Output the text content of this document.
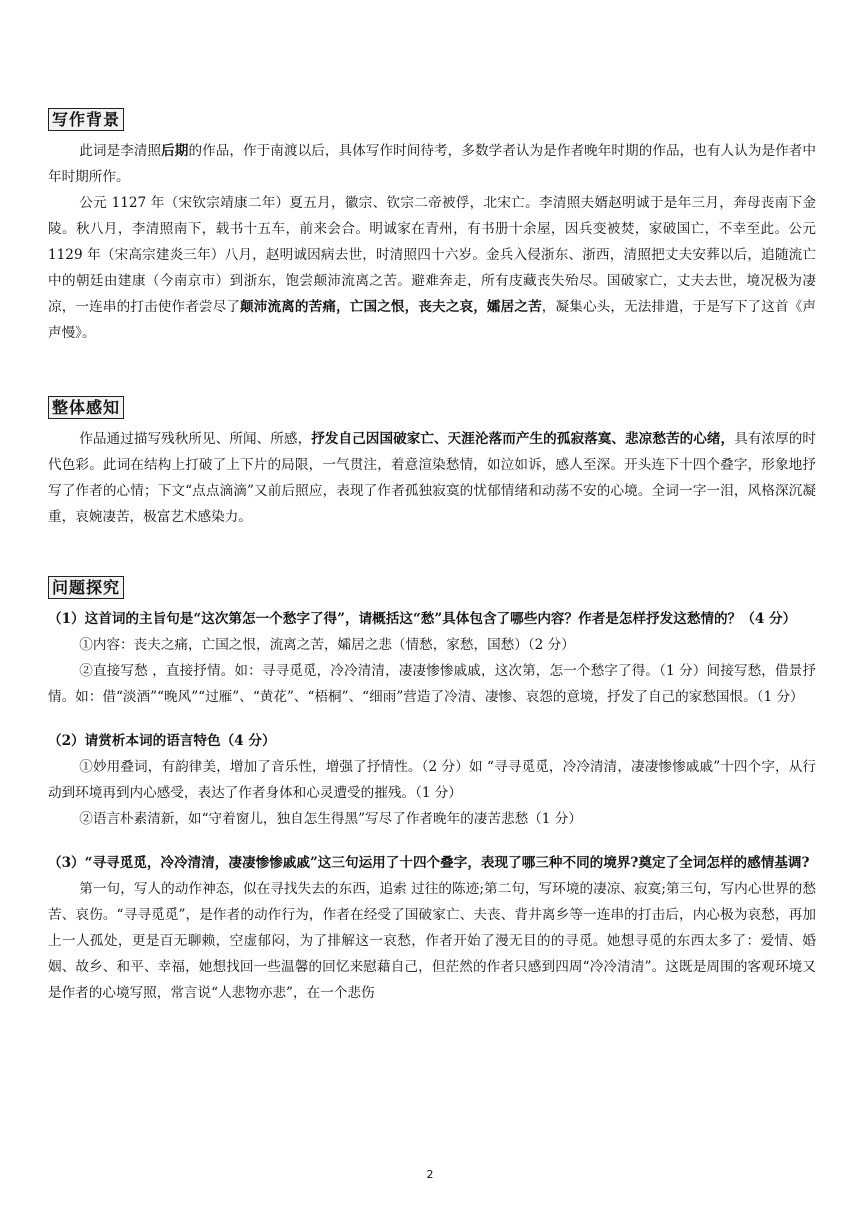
写作背景

此词是李清照后期的作品，作于南渡以后，具体写作时间待考，多数学者认为是作者晚年时期的作品，也有人认为是作者中年时期所作。

公元 1127 年（宋钦宗靖康二年）夏五月，徽宗、钦宗二帝被俘，北宋亡。李清照夫婿赵明诚于是年三月，奔母丧南下金陵。秋八月，李清照南下，载书十五车，前来会合。明诚家在青州，有书册十余屋，因兵变被焚，家破国亡，不幸至此。公元 1129 年（宋高宗建炎三年）八月，赵明诚因病去世，时清照四十六岁。金兵入侵浙东、浙西，清照把丈夫安葬以后，追随流亡中的朝廷由建康（今南京市）到浙东，饱尝颠沛流离之苦。避难奔走，所有庋藏丧失殆尽。国破家亡，丈夫去世，境况极为凄凉，一连串的打击使作者尝尽了颠沛流离的苦痛，亡国之恨，丧夫之哀，孀居之苦，凝集心头，无法排遣，于是写下了这首《声声慢》。

整体感知

作品通过描写残秋所见、所闻、所感，抒发自己因国破家亡、天涯沦落而产生的孤寂落寞、悲凉愁苦的心绪，具有浓厚的时代色彩。此词在结构上打破了上下片的局限，一气贯注，着意渲染愁情，如泣如诉，感人至深。开头连下十四个叠字，形象地抒写了作者的心情；下文“点点滴滴”又前后照应，表现了作者孤独寂寞的忧郁情绪和动荡不安的心境。全词一字一泪，风格深沉凝重，哀婉凄苦，极富艺术感染力。

问题探究

（1）这首词的主旨句是“这次第怎一个愁字了得”，请概括这“愁”具体包含了哪些内容？作者是怎样抒发这愁情的？（4 分）

①内容：丧夫之痛，亡国之恨，流离之苦，孀居之悲（情愁，家愁，国愁）（2 分）

②直接写愁 ，直接抒情。如：寻寻觅觅，冷冷清清，凄凄惨惨戚戚，这次第，怎一个愁字了得。（1 分）间接写愁，借景抒情。如：借“淡酒”“晚风”“过雁”、“黄花”、“梧桐”、“细雨”营造了冷清、凄惨、哀怨的意境，抒发了自己的家愁国恨。（1 分）

（2）请赏析本词的语言特色（4 分）

①妙用叠词，有韵律美，增加了音乐性，增强了抒情性。（2 分）如 “寻寻觅觅，冷冷清清，凄凄惨惨戚戚”十四个字，从行动到环境再到内心感受，表达了作者身体和心灵遭受的摧残。（1 分）

②语言朴素清新，如“守着窗儿，独自怎生得黑”写尽了作者晚年的凄苦悲愁（1 分）

（3）“寻寻觅觅，冷冷清清，凄凄惨惨戚戚”这三句运用了十四个叠字，表现了哪三种不同的境界?奠定了全词怎样的感情基调?

第一句，写人的动作神态，似在寻找失去的东西，追索 过往的陈迹;第二句，写环境的凄凉、寂寞;第三句，写内心世界的愁苦、哀伤。“寻寻觅觅”，是作者的动作行为，作者在经受了国破家亡、夫丧、背井离乡等一连串的打击后，内心极为哀愁，再加上一人孤处，更是百无聊赖，空虚郁闷，为了排解这一哀愁，作者开始了漫无目的的寻觅。她想寻觅的东西太多了：爱情、婚姻、故乡、和平、幸福，她想找回一些温馨的回忆来慰藉自己，但茫然的作者只感到四周“冷冷清清”。这既是周围的客观环境又是作者的心境写照，常言说“人悲物亦悲”，在一个悲伤

2
